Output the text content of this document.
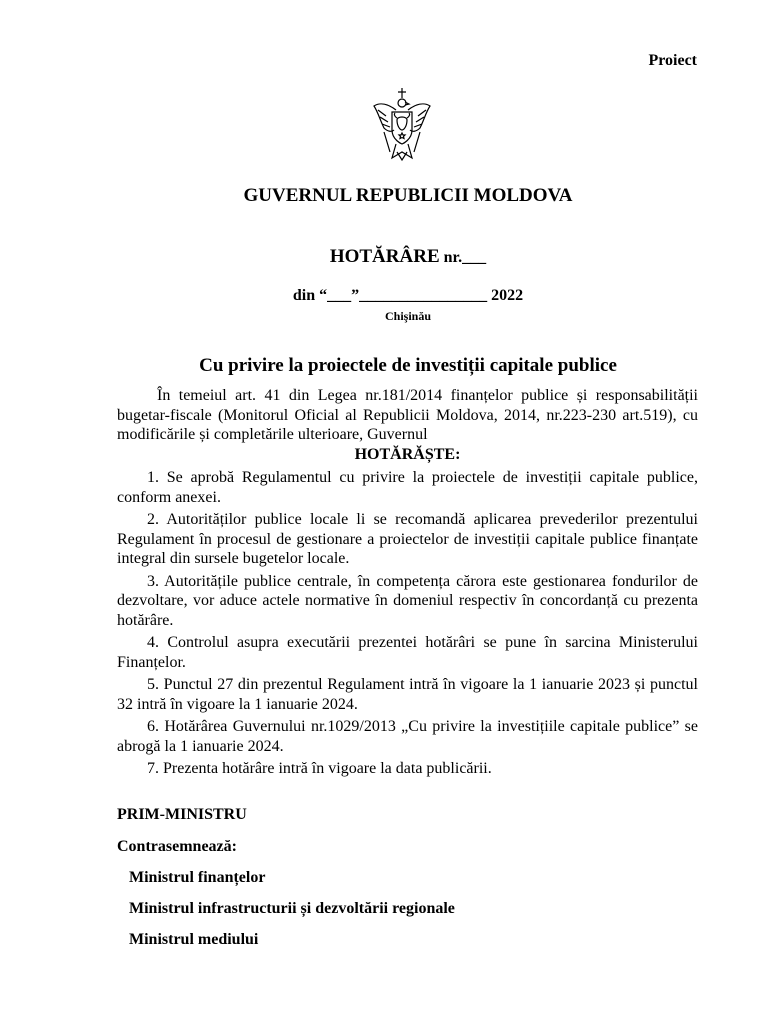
Proiect
GUVERNUL REPUBLICII MOLDOVA
HOTĂRÂRE nr.___
din “___”________________ 2022
Chişinău
Cu privire la proiectele de investiții capitale publice

În temeiul art. 41 din Legea nr.181/2014 finanțelor publice și responsabilității bugetar-fiscale (Monitorul Oficial al Republicii Moldova, 2014, nr.223-230 art.519), cu modificările și completările ulterioare, Guvernul

HOTĂRĂȘTE:

1. Se aprobă Regulamentul cu privire la proiectele de investiții capitale publice, conform anexei.

2. Autorităților publice locale li se recomandă aplicarea prevederilor prezentului Regulament în procesul de gestionare a proiectelor de investiții capitale publice finanțate integral din sursele bugetelor locale.

3. Autoritățile publice centrale, în competența cărora este gestionarea fondurilor de dezvoltare, vor aduce actele normative în domeniul respectiv în concordanță cu prezenta hotărâre.

4. Controlul asupra executării prezentei hotărâri se pune în sarcina Ministerului Finanțelor.

5. Punctul 27 din prezentul Regulament intră în vigoare la 1 ianuarie 2023 și punctul 32 intră în vigoare la 1 ianuarie 2024.

6. Hotărârea Guvernului nr.1029/2013 „Cu privire la investițiile capitale publice” se abrogă la 1 ianuarie 2024.

7. Prezenta hotărâre intră în vigoare la data publicării.

PRIM-MINISTRU
Contrasemnează:
Ministrul finanțelor
Ministrul infrastructurii și dezvoltării regionale
Ministrul mediului
